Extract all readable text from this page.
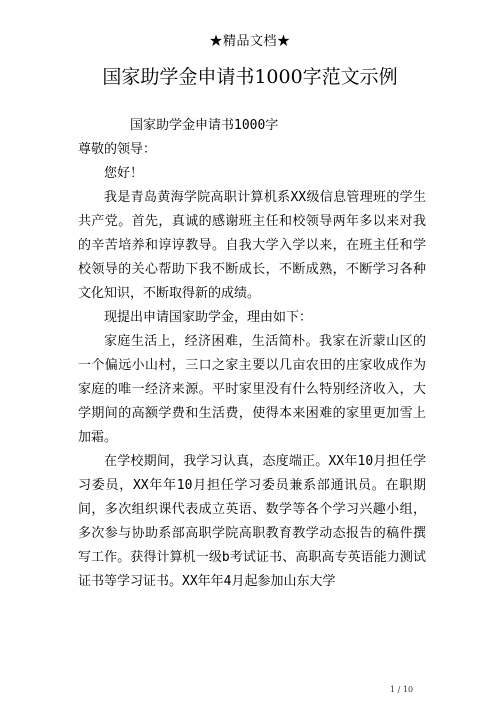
★精品文档★
国家助学金申请书1000字范文示例

国家助学金申请书1000字

尊敬的领导：

您好！

我是青岛黄海学院高职计算机系XX级信息管理班的学生共产党。首先，真诚的感谢班主任和校领导两年多以来对我的辛苦培养和谆谆教导。自我大学入学以来，在班主任和学校领导的关心帮助下我不断成长，不断成熟，不断学习各种文化知识，不断取得新的成绩。

现提出申请国家助学金，理由如下：

家庭生活上，经济困难，生活简朴。我家在沂蒙山区的一个偏远小山村，三口之家主要以几亩农田的庄家收成作为家庭的唯一经济来源。平时家里没有什么特别经济收入，大学期间的高额学费和生活费，使得本来困难的家里更加雪上加霜。

在学校期间，我学习认真，态度端正。XX年10月担任学习委员，XX年年10月担任学习委员兼系部通讯员。在职期间，多次组织课代表成立英语、数学等各个学习兴趣小组，多次参与协助系部高职学院高职教育教学动态报告的稿件撰写工作。获得计算机一级b考试证书、高职高专英语能力测试证书等学习证书。XX年年4月起参加山东大学

1 / 10
